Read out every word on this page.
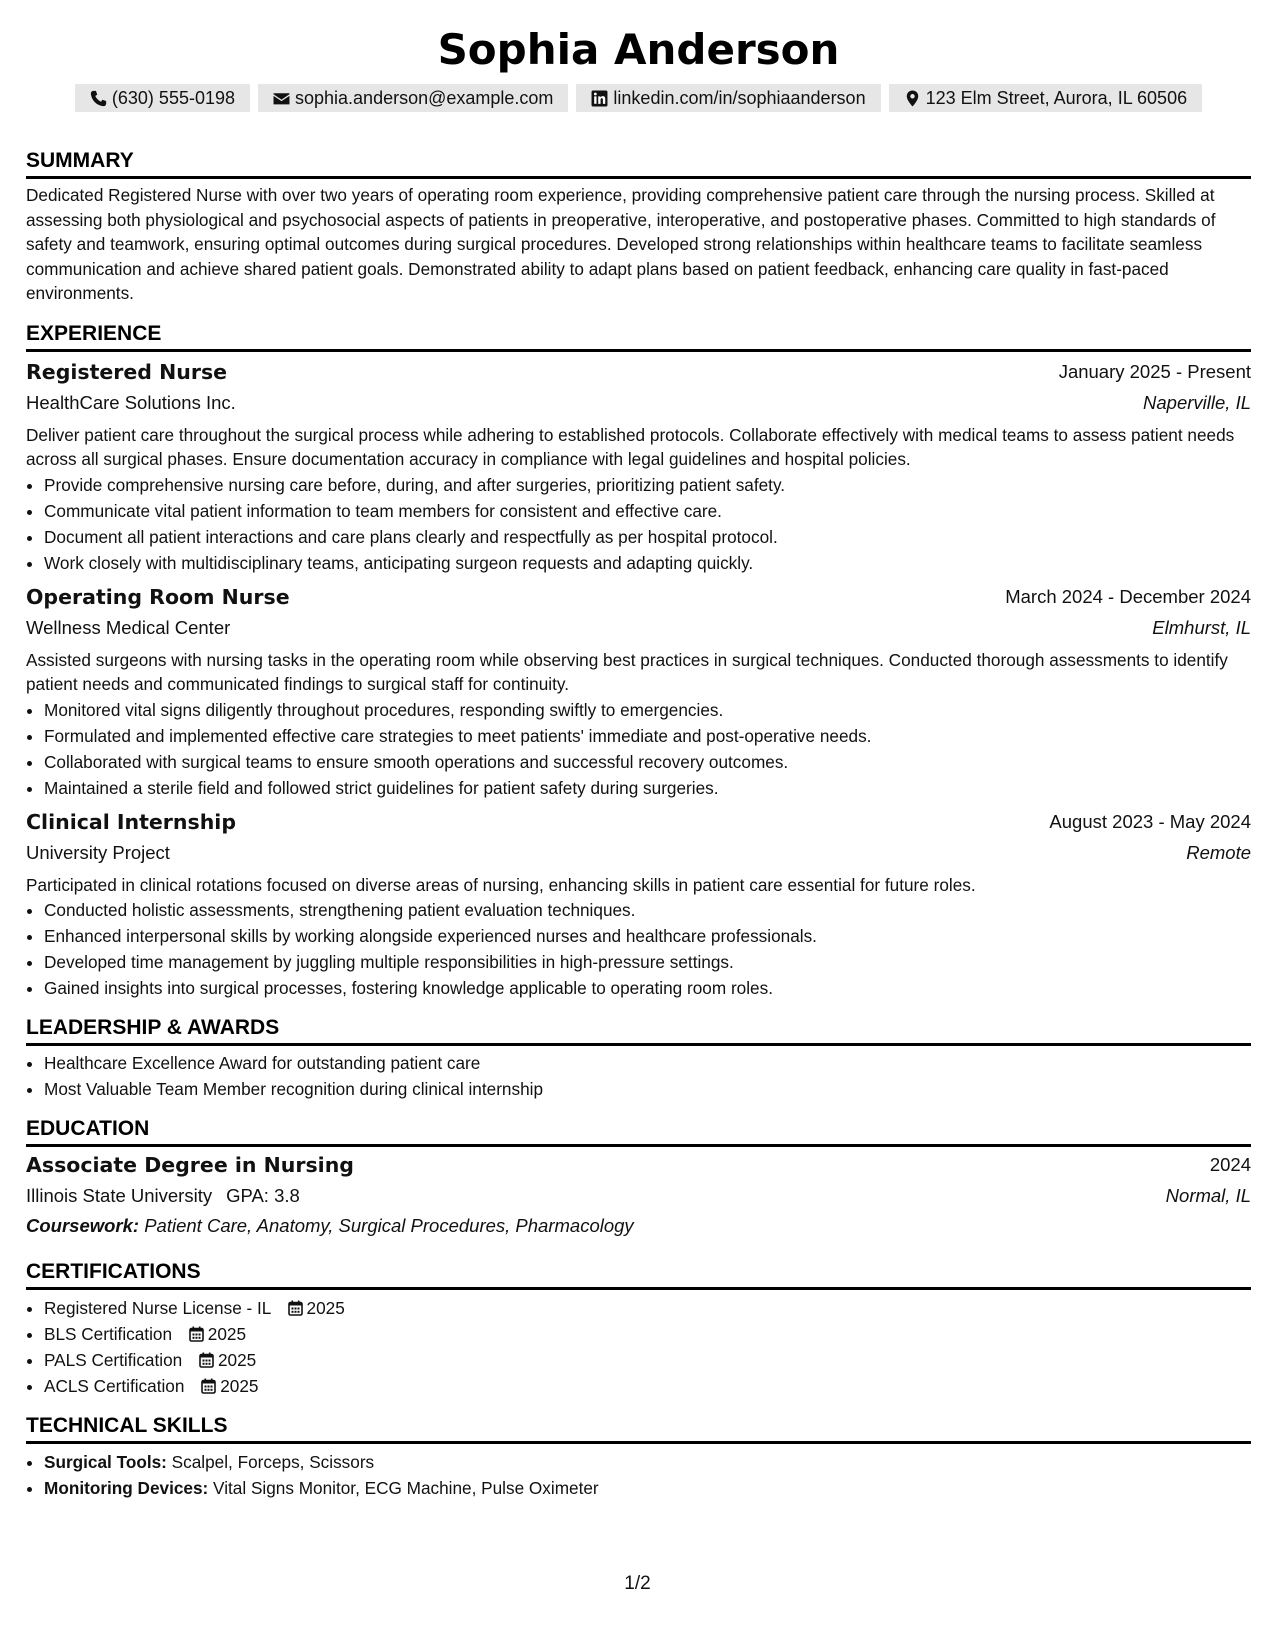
Sophia Anderson
(630) 555-0198	sophia.anderson@example.com	linkedin.com/in/sophiaanderson	123 Elm Street, Aurora, IL 60506
SUMMARY
Dedicated Registered Nurse with over two years of operating room experience, providing comprehensive patient care through the nursing process. Skilled at assessing both physiological and psychosocial aspects of patients in preoperative, interoperative, and postoperative phases. Committed to high standards of safety and teamwork, ensuring optimal outcomes during surgical procedures. Developed strong relationships within healthcare teams to facilitate seamless communication and achieve shared patient goals. Demonstrated ability to adapt plans based on patient feedback, enhancing care quality in fast-paced environments.
EXPERIENCE
Registered Nurse	January 2025 - Present
HealthCare Solutions Inc.	Naperville, IL
Deliver patient care throughout the surgical process while adhering to established protocols. Collaborate effectively with medical teams to assess patient needs across all surgical phases. Ensure documentation accuracy in compliance with legal guidelines and hospital policies.
• Provide comprehensive nursing care before, during, and after surgeries, prioritizing patient safety.
• Communicate vital patient information to team members for consistent and effective care.
• Document all patient interactions and care plans clearly and respectfully as per hospital protocol.
• Work closely with multidisciplinary teams, anticipating surgeon requests and adapting quickly.
Operating Room Nurse	March 2024 - December 2024
Wellness Medical Center	Elmhurst, IL
Assisted surgeons with nursing tasks in the operating room while observing best practices in surgical techniques. Conducted thorough assessments to identify patient needs and communicated findings to surgical staff for continuity.
• Monitored vital signs diligently throughout procedures, responding swiftly to emergencies.
• Formulated and implemented effective care strategies to meet patients' immediate and post-operative needs.
• Collaborated with surgical teams to ensure smooth operations and successful recovery outcomes.
• Maintained a sterile field and followed strict guidelines for patient safety during surgeries.
Clinical Internship	August 2023 - May 2024
University Project	Remote
Participated in clinical rotations focused on diverse areas of nursing, enhancing skills in patient care essential for future roles.
• Conducted holistic assessments, strengthening patient evaluation techniques.
• Enhanced interpersonal skills by working alongside experienced nurses and healthcare professionals.
• Developed time management by juggling multiple responsibilities in high-pressure settings.
• Gained insights into surgical processes, fostering knowledge applicable to operating room roles.
LEADERSHIP & AWARDS
• Healthcare Excellence Award for outstanding patient care
• Most Valuable Team Member recognition during clinical internship
EDUCATION
Associate Degree in Nursing	2024
Illinois State University GPA: 3.8	Normal, IL
Coursework: Patient Care, Anatomy, Surgical Procedures, Pharmacology
CERTIFICATIONS
• Registered Nurse License - IL 2025
• BLS Certification 2025
• PALS Certification 2025
• ACLS Certification 2025
TECHNICAL SKILLS
• Surgical Tools: Scalpel, Forceps, Scissors
• Monitoring Devices: Vital Signs Monitor, ECG Machine, Pulse Oximeter
1/2
